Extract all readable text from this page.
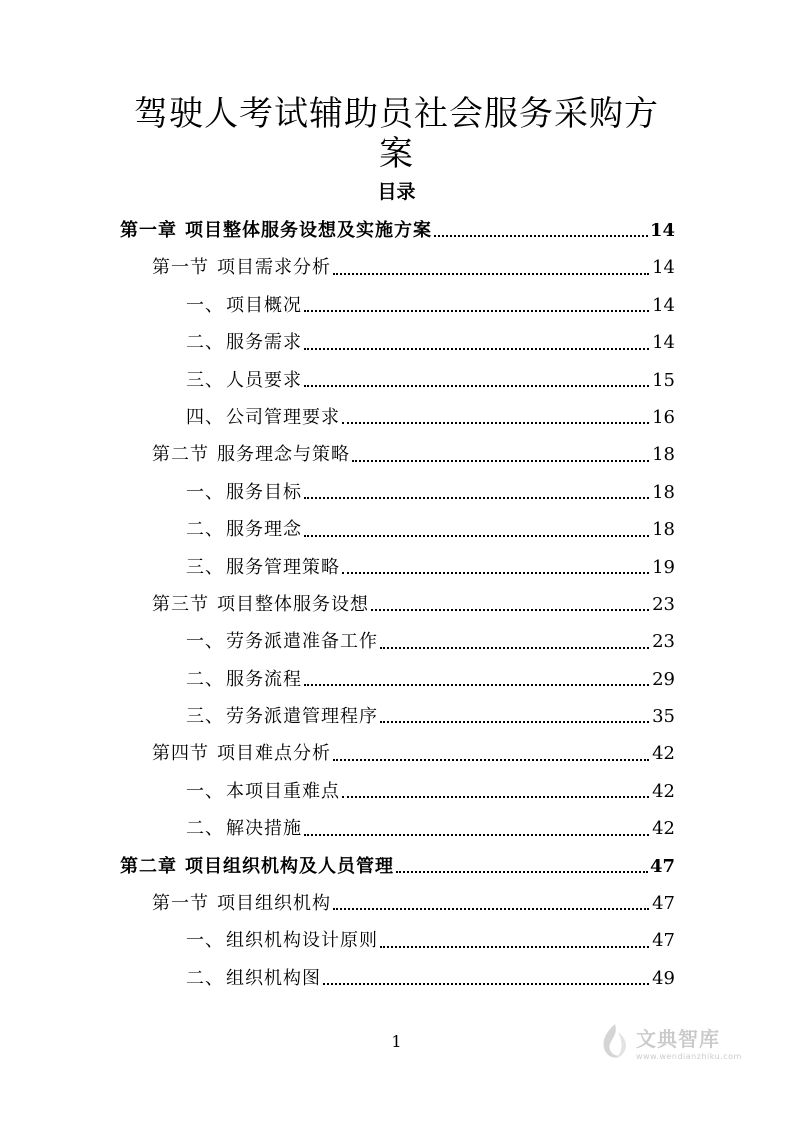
驾驶人考试辅助员社会服务采购方
案
目录
第一章 项目整体服务设想及实施方案	14
第一节 项目需求分析	14
一、 项目概况	14
二、 服务需求	14
三、 人员要求	15
四、 公司管理要求	16
第二节 服务理念与策略	18
一、 服务目标	18
二、 服务理念	18
三、 服务管理策略	19
第三节 项目整体服务设想	23
一、 劳务派遣准备工作	23
二、 服务流程	29
三、 劳务派遣管理程序	35
第四节 项目难点分析	42
一、 本项目重难点	42
二、 解决措施	42
第二章 项目组织机构及人员管理	47
第一节 项目组织机构	47
一、 组织机构设计原则	47
二、 组织机构图	49
1	文典智库
www.wendianzhiku.com
